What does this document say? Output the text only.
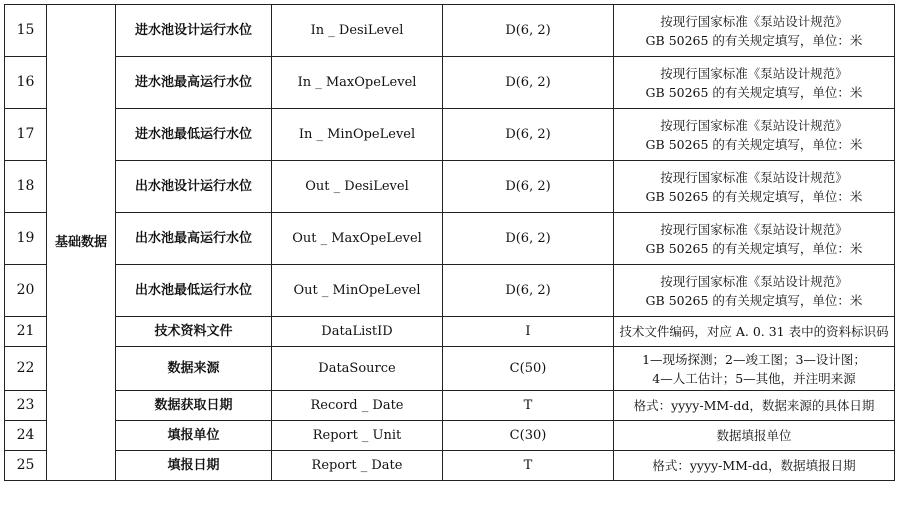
15	基础数据	进水池设计运行水位	In _ DesiLevel	D(6, 2)	按现行国家标准《泵站设计规范》
GB 50265 的有关规定填写，单位：米

16		进水池最高运行水位	In _ MaxOpeLevel	D(6, 2)	按现行国家标准《泵站设计规范》
GB 50265 的有关规定填写，单位：米

17		进水池最低运行水位	In _ MinOpeLevel	D(6, 2)	按现行国家标准《泵站设计规范》
GB 50265 的有关规定填写，单位：米

18		出水池设计运行水位	Out _ DesiLevel	D(6, 2)	按现行国家标准《泵站设计规范》
GB 50265 的有关规定填写，单位：米

19		出水池最高运行水位	Out _ MaxOpeLevel	D(6, 2)	按现行国家标准《泵站设计规范》
GB 50265 的有关规定填写，单位：米

20		出水池最低运行水位	Out _ MinOpeLevel	D(6, 2)	按现行国家标准《泵站设计规范》
GB 50265 的有关规定填写，单位：米

21		技术资料文件	DataListID	I	技术文件编码，对应 A. 0. 31 表中的资料标识码

22		数据来源	DataSource	C(50)	1—现场探测；2—竣工图；3—设计图；
4—人工估计；5—其他，并注明来源

23		数据获取日期	Record _ Date	T	格式：yyyy-MM-dd，数据来源的具体日期

24		填报单位	Report _ Unit	C(30)	数据填报单位

25		填报日期	Report _ Date	T	格式：yyyy-MM-dd，数据填报日期
